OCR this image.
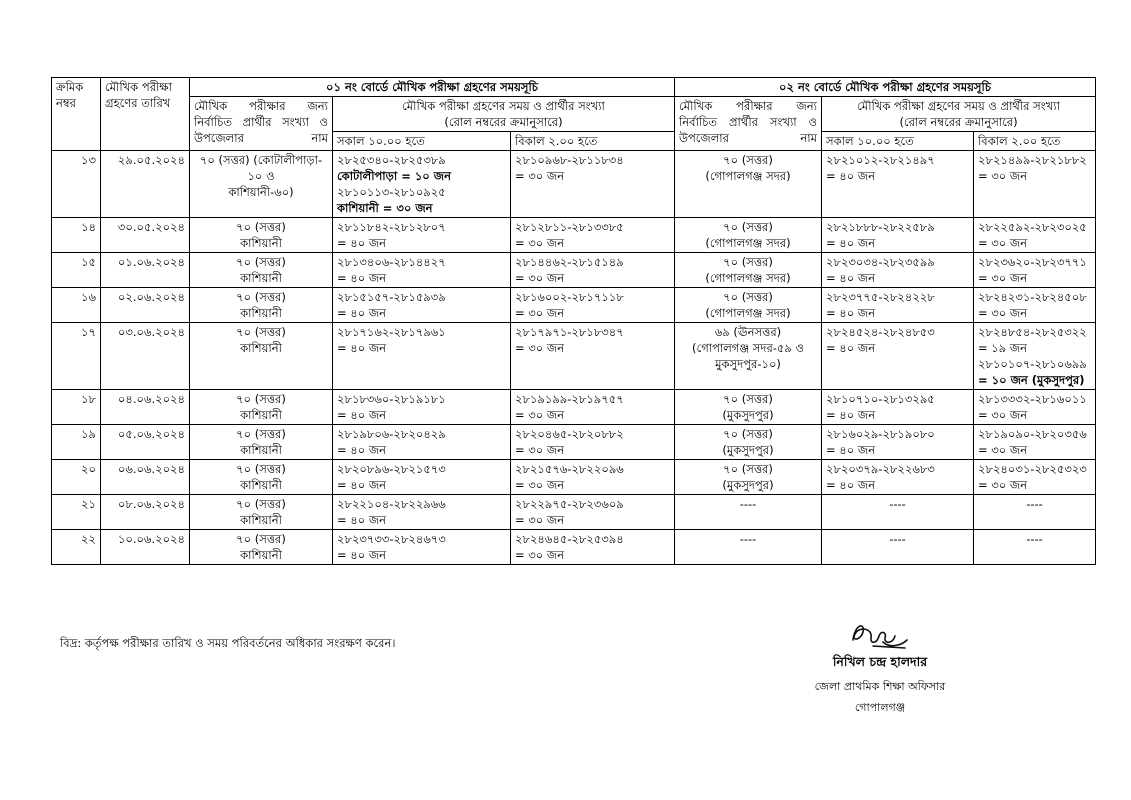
ক্রমিক নম্বর	মৌখিক পরীক্ষা গ্রহণের তারিখ	০১ নং বোর্ডে মৌখিক পরীক্ষা গ্রহণের সময়সূচি			০২ নং বোর্ডে মৌখিক পরীক্ষা গ্রহণের সময়সূচি		
		মৌখিক পরীক্ষার জন্য নির্বাচিত প্রার্থীর সংখ্যা ও উপজেলার নাম	মৌখিক পরীক্ষা গ্রহণের সময় ও প্রার্থীর সংখ্যা
(রোল নম্বরের ক্রমানুসারে)		মৌখিক পরীক্ষার জন্য নির্বাচিত প্রার্থীর সংখ্যা ও উপজেলার নাম	মৌখিক পরীক্ষা গ্রহণের সময় ও প্রার্থীর সংখ্যা
(রোল নম্বরের ক্রমানুসারে)	

			সকাল ১০.০০ হতে	বিকাল ২.০০ হতে		সকাল ১০.০০ হতে	বিকাল ২.০০ হতে
১৩	২৯.০৫.২০২৪	৭০ (সত্তর) (কোটালীপাড়া-
১০ ও
কাশিয়ানী-৬০)	২৮২৫৩৪০-২৮২৫৩৮৯
কোটালীপাড়া = ১০ জন
২৮১০১১৩-২৮১০৯২৫
কাশিয়ানী = ৩০ জন	২৮১০৯৬৮-২৮১১৮৩৪
= ৩০ জন	৭০ (সত্তর)
(গোপালগঞ্জ সদর)	২৮২১০১২-২৮২১৪৯৭
= ৪০ জন	২৮২১৪৯৯-২৮২১৮৮২
= ৩০ জন

১৪	৩০.০৫.২০২৪	৭০ (সত্তর)
কাশিয়ানী	২৮১১৮৪২-২৮১২৮০৭
= ৪০ জন	২৮১২৮১১-২৮১৩৩৮৫
= ৩০ জন	৭০ (সত্তর)
(গোপালগঞ্জ সদর)	২৮২১৮৮৮-২৮২২৫৮৯
= ৪০ জন	২৮২২৫৯২-২৮২৩০২৫
= ৩০ জন

১৫	০১.০৬.২০২৪	৭০ (সত্তর)
কাশিয়ানী	২৮১৩৪০৬-২৮১৪৪২৭
= ৪০ জন	২৮১৪৪৬২-২৮১৫১৪৯
= ৩০ জন	৭০ (সত্তর)
(গোপালগঞ্জ সদর)	২৮২৩০৩৪-২৮২৩৫৯৯
= ৪০ জন	২৮২৩৬২০-২৮২৩৭৭১
= ৩০ জন

১৬	০২.০৬.২০২৪	৭০ (সত্তর)
কাশিয়ানী	২৮১৫১৫৭-২৮১৫৯৩৯
= ৪০ জন	২৮১৬০০২-২৮১৭১১৮
= ৩০ জন	৭০ (সত্তর)
(গোপালগঞ্জ সদর)	২৮২৩৭৭৫-২৮২৪২২৮
= ৪০ জন	২৮২৪২৩১-২৮২৪৫০৮
= ৩০ জন

১৭	০৩.০৬.২০২৪	৭০ (সত্তর)
কাশিয়ানী	২৮১৭১৬২-২৮১৭৯৬১
= ৪০ জন	২৮১৭৯৭১-২৮১৮৩৪৭
= ৩০ জন	৬৯ (ঊনসত্তর)
(গোপালগঞ্জ সদর-৫৯ ও
মুকসুদপুর-১০)	২৮২৪৫২৪-২৮২৪৮৫৩
= ৪০ জন	২৮২৪৮৫৪-২৮২৫৩২২
= ১৯ জন
২৮১০১০৭-২৮১০৬৯৯
= ১০ জন (মুকসুদপুর)

১৮	০৪.০৬.২০২৪	৭০ (সত্তর)
কাশিয়ানী	২৮১৮৩৬০-২৮১৯১৮১
= ৪০ জন	২৮১৯১৯৯-২৮১৯৭৫৭
= ৩০ জন	৭০ (সত্তর)
(মুকসুদপুর)	২৮১০৭১০-২৮১৩২৯৫
= ৪০ জন	২৮১৩৩৩২-২৮১৬০১১
= ৩০ জন

১৯	০৫.০৬.২০২৪	৭০ (সত্তর)
কাশিয়ানী	২৮১৯৮০৬-২৮২০৪২৯
= ৪০ জন	২৮২০৪৬৫-২৮২০৮৮২
= ৩০ জন	৭০ (সত্তর)
(মুকসুদপুর)	২৮১৬০২৯-২৮১৯০৮০
= ৪০ জন	২৮১৯০৯০-২৮২০৩৫৬
= ৩০ জন

২০	০৬.০৬.২০২৪	৭০ (সত্তর)
কাশিয়ানী	২৮২০৮৯৬-২৮২১৫৭৩
= ৪০ জন	২৮২১৫৭৬-২৮২২০৯৬
= ৩০ জন	৭০ (সত্তর)
(মুকসুদপুর)	২৮২০৩৭৯-২৮২২৬৮৩
= ৪০ জন	২৮২৪০৩১-২৮২৫৩২৩
= ৩০ জন

২১	০৮.০৬.২০২৪	৭০ (সত্তর)
কাশিয়ানী	২৮২২১০৪-২৮২২৯৬৬
= ৪০ জন	২৮২২৯৭৫-২৮২৩৬০৯
= ৩০ জন	----	----	----

২২	১০.০৬.২০২৪	৭০ (সত্তর)
কাশিয়ানী	২৮২৩৭৩৩-২৮২৪৬৭৩
= ৪০ জন	২৮২৪৬৪৫-২৮২৫৩৯৪
= ৩০ জন	----	----	----
বিদ্র: কর্তৃপক্ষ পরীক্ষার তারিখ ও সময় পরিবর্তনের অধিকার সংরক্ষণ করেন।
নিখিল চন্দ্র হালদার
জেলা প্রাথমিক শিক্ষা অফিসার
গোপালগঞ্জ
